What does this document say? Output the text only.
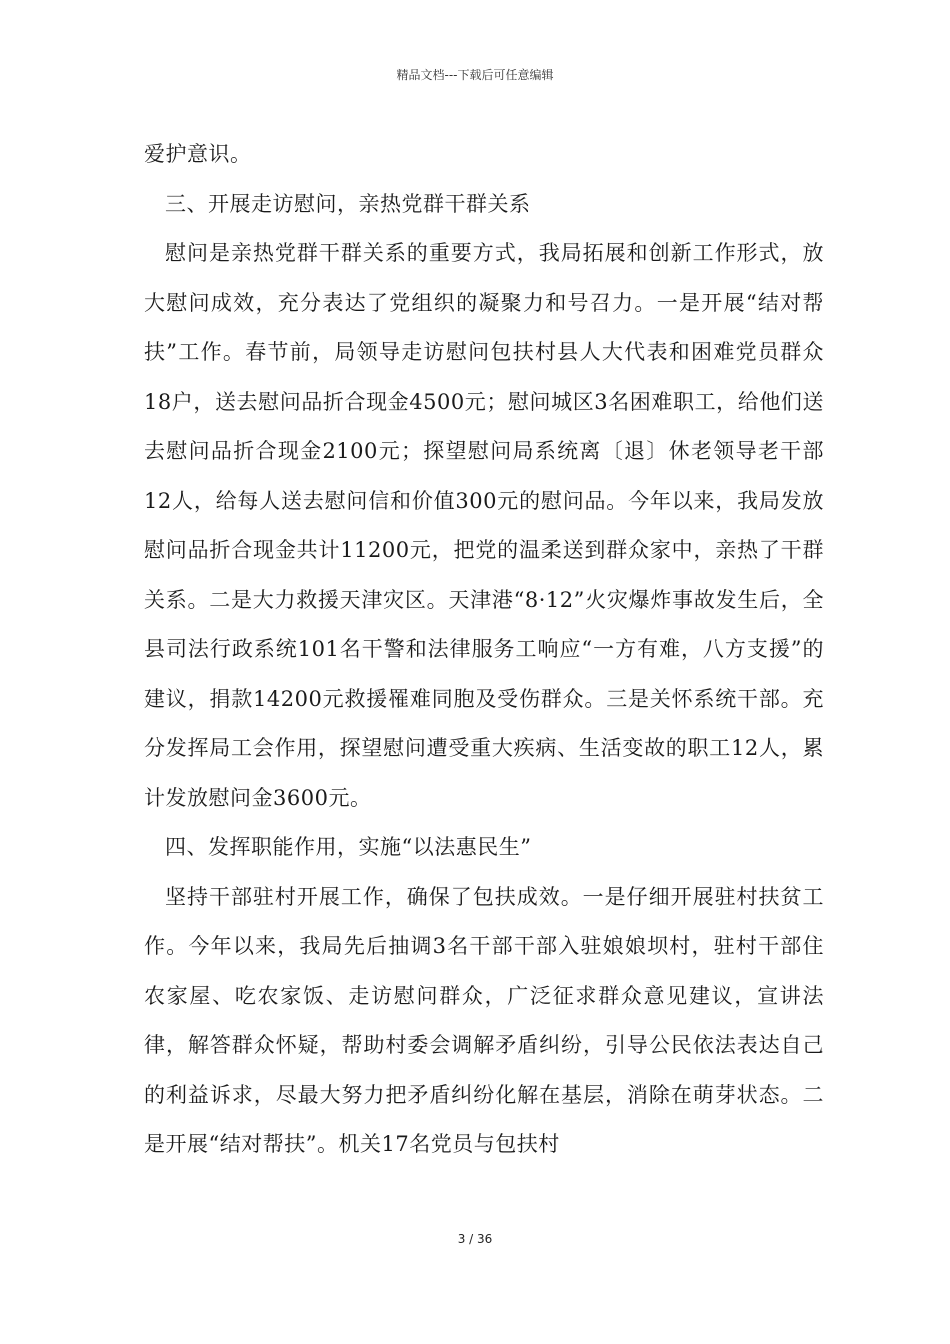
精品文档---下载后可任意编辑

爱护意识。

三、开展走访慰问，亲热党群干群关系

慰问是亲热党群干群关系的重要方式，我局拓展和创新工作形式，放大慰问成效，充分表达了党组织的凝聚力和号召力。一是开展“结对帮扶”工作。春节前，局领导走访慰问包扶村县人大代表和困难党员群众18户，送去慰问品折合现金4500元；慰问城区3名困难职工，给他们送去慰问品折合现金2100元；探望慰问局系统离〔退〕休老领导老干部12人，给每人送去慰问信和价值300元的慰问品。今年以来，我局发放慰问品折合现金共计11200元，把党的温柔送到群众家中，亲热了干群关系。二是大力救援天津灾区。天津港“8·12”火灾爆炸事故发生后，全县司法行政系统101名干警和法律服务工响应“一方有难，八方支援”的建议，捐款14200元救援罹难同胞及受伤群众。三是关怀系统干部。充分发挥局工会作用，探望慰问遭受重大疾病、生活变故的职工12人，累计发放慰问金3600元。

四、发挥职能作用，实施“以法惠民生”

坚持干部驻村开展工作，确保了包扶成效。一是仔细开展驻村扶贫工作。今年以来，我局先后抽调3名干部干部入驻娘娘坝村，驻村干部住农家屋、吃农家饭、走访慰问群众，广泛征求群众意见建议，宣讲法律，解答群众怀疑，帮助村委会调解矛盾纠纷，引导公民依法表达自己的利益诉求，尽最大努力把矛盾纠纷化解在基层，消除在萌芽状态。二是开展“结对帮扶”。机关17名党员与包扶村

3 / 36
